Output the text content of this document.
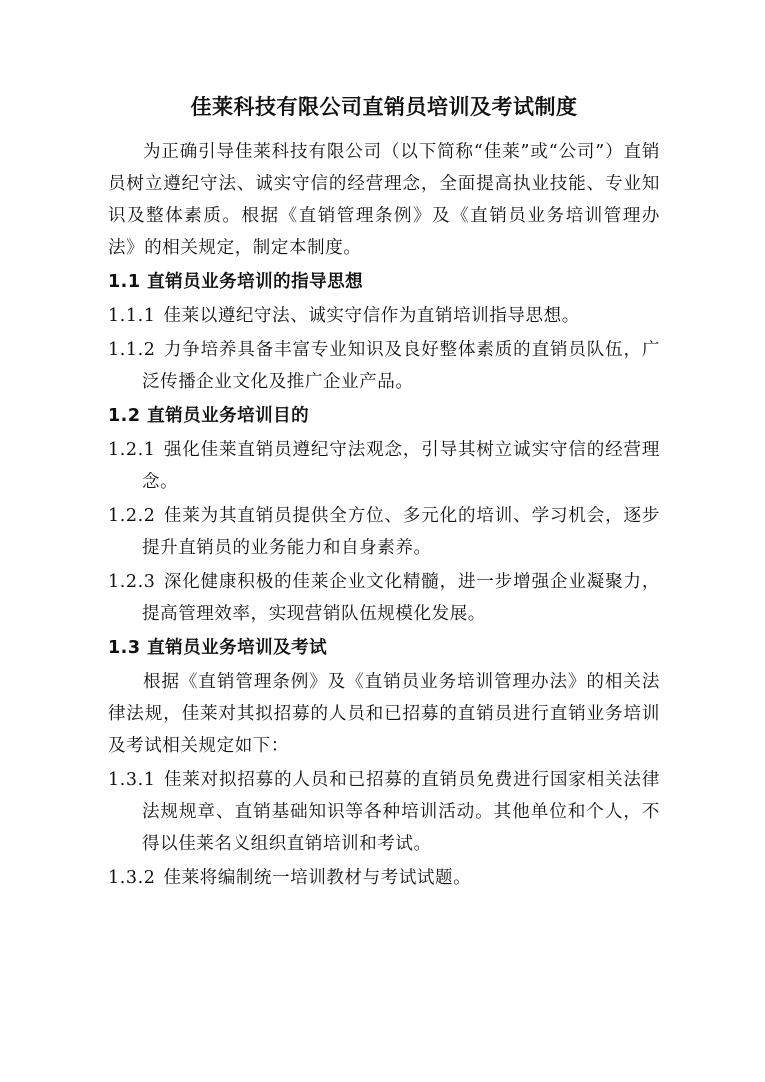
佳莱科技有限公司直销员培训及考试制度

为正确引导佳莱科技有限公司（以下简称“佳莱”或“公司”）直销员树立遵纪守法、诚实守信的经营理念，全面提高执业技能、专业知识及整体素质。根据《直销管理条例》及《直销员业务培训管理办法》的相关规定，制定本制度。

1.1 直销员业务培训的指导思想
1.1.1 佳莱以遵纪守法、诚实守信作为直销培训指导思想。
1.1.2 力争培养具备丰富专业知识及良好整体素质的直销员队伍，广泛传播企业文化及推广企业产品。
1.2 直销员业务培训目的
1.2.1 强化佳莱直销员遵纪守法观念，引导其树立诚实守信的经营理念。
1.2.2 佳莱为其直销员提供全方位、多元化的培训、学习机会，逐步提升直销员的业务能力和自身素养。
1.2.3 深化健康积极的佳莱企业文化精髓，进一步增强企业凝聚力，提高管理效率，实现营销队伍规模化发展。
1.3 直销员业务培训及考试

根据《直销管理条例》及《直销员业务培训管理办法》的相关法律法规，佳莱对其拟招募的人员和已招募的直销员进行直销业务培训及考试相关规定如下：

1.3.1 佳莱对拟招募的人员和已招募的直销员免费进行国家相关法律法规规章、直销基础知识等各种培训活动。其他单位和个人，不得以佳莱名义组织直销培训和考试。
1.3.2 佳莱将编制统一培训教材与考试试题。
